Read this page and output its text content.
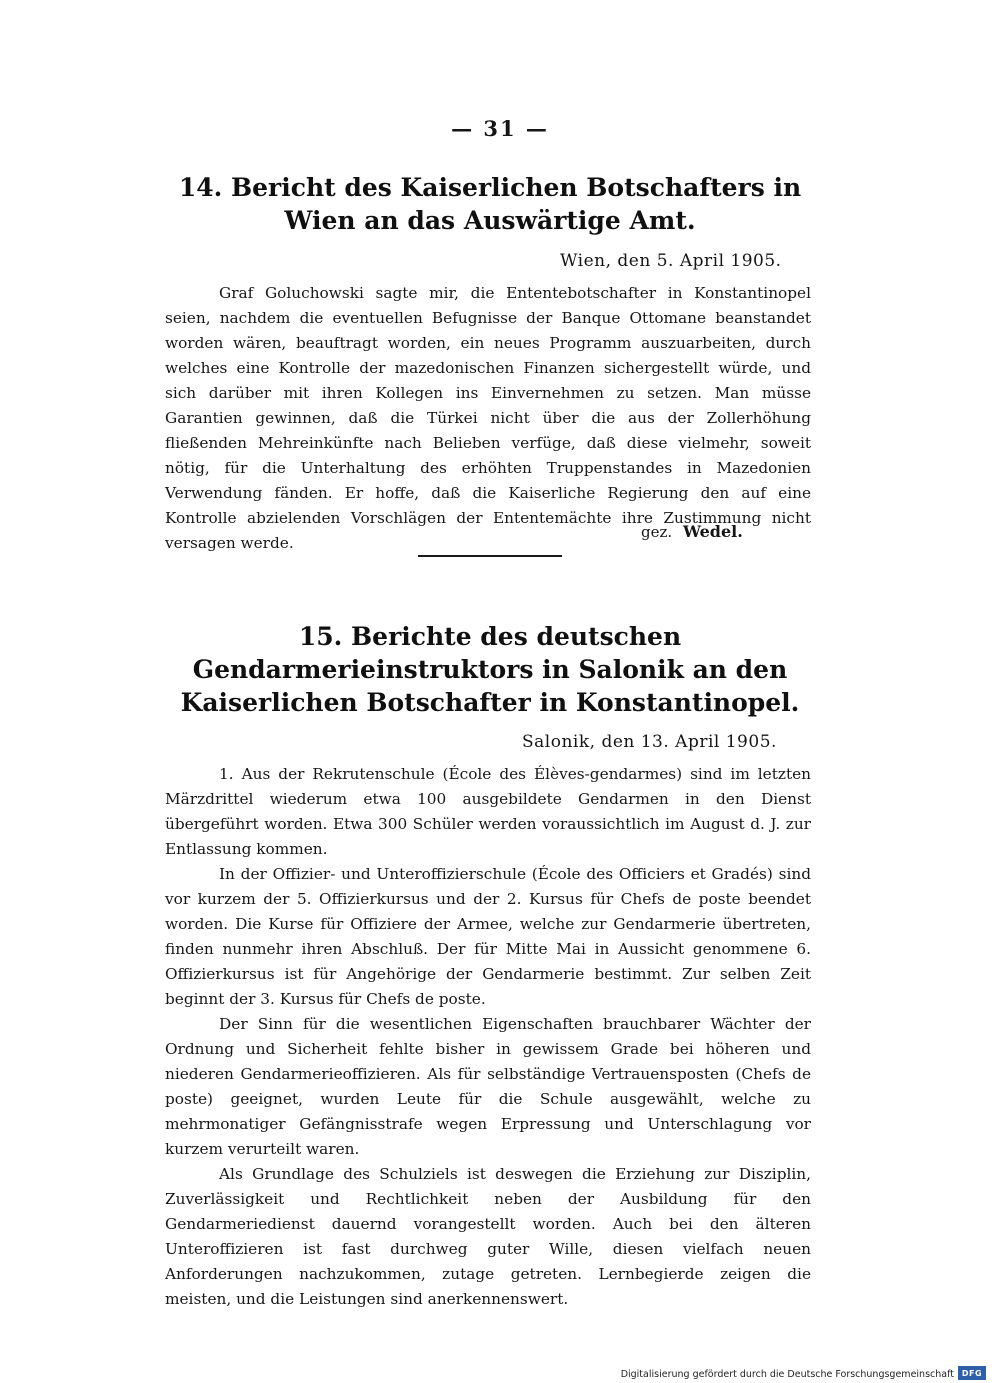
— 31 —
14. Bericht des Kaiserlichen Botschafters in Wien an das Auswärtige Amt.
Wien, den 5. April 1905.

Graf Goluchowski sagte mir, die Ententebotschafter in Konstantinopel seien, nachdem die eventuellen Befugnisse der Banque Ottomane beanstandet worden wären, beauftragt worden, ein neues Programm auszuarbeiten, durch welches eine Kontrolle der mazedonischen Finanzen sichergestellt würde, und sich darüber mit ihren Kollegen ins Einvernehmen zu setzen. Man müsse Garantien gewinnen, daß die Türkei nicht über die aus der Zollerhöhung fließenden Mehreinkünfte nach Belieben verfüge, daß diese vielmehr, soweit nötig, für die Unterhaltung des erhöhten Truppenstandes in Mazedonien Verwendung fänden. Er hoffe, daß die Kaiserliche Regierung den auf eine Kontrolle abzielenden Vorschlägen der Ententemächte ihre Zustimmung nicht versagen werde.

gez. Wedel.
15. Berichte des deutschen Gendarmerieinstruktors in Salonik an den Kaiserlichen Botschafter in Konstantinopel.
Salonik, den 13. April 1905.

1. Aus der Rekrutenschule (École des Élèves-gendarmes) sind im letzten Märzdrittel wiederum etwa 100 ausgebildete Gendarmen in den Dienst übergeführt worden. Etwa 300 Schüler werden voraussichtlich im August d. J. zur Entlassung kommen.

In der Offizier- und Unteroffizierschule (École des Officiers et Gradés) sind vor kurzem der 5. Offizierkursus und der 2. Kursus für Chefs de poste beendet worden. Die Kurse für Offiziere der Armee, welche zur Gendarmerie übertreten, finden nunmehr ihren Abschluß. Der für Mitte Mai in Aussicht genommene 6. Offizierkursus ist für Angehörige der Gendarmerie bestimmt. Zur selben Zeit beginnt der 3. Kursus für Chefs de poste.

Der Sinn für die wesentlichen Eigenschaften brauchbarer Wächter der Ordnung und Sicherheit fehlte bisher in gewissem Grade bei höheren und niederen Gendarmerieoffizieren. Als für selbständige Vertrauensposten (Chefs de poste) geeignet, wurden Leute für die Schule ausgewählt, welche zu mehrmonatiger Gefängnisstrafe wegen Erpressung und Unterschlagung vor kurzem verurteilt waren.

Als Grundlage des Schulziels ist deswegen die Erziehung zur Disziplin, Zuverlässigkeit und Rechtlichkeit neben der Ausbildung für den Gendarmeriedienst dauernd vorangestellt worden. Auch bei den älteren Unteroffizieren ist fast durchweg guter Wille, diesen vielfach neuen Anforderungen nachzukommen, zutage getreten. Lernbegierde zeigen die meisten, und die Leistungen sind anerkennenswert.

Digitalisierung gefördert durch die Deutsche Forschungsgemeinschaft DFG
